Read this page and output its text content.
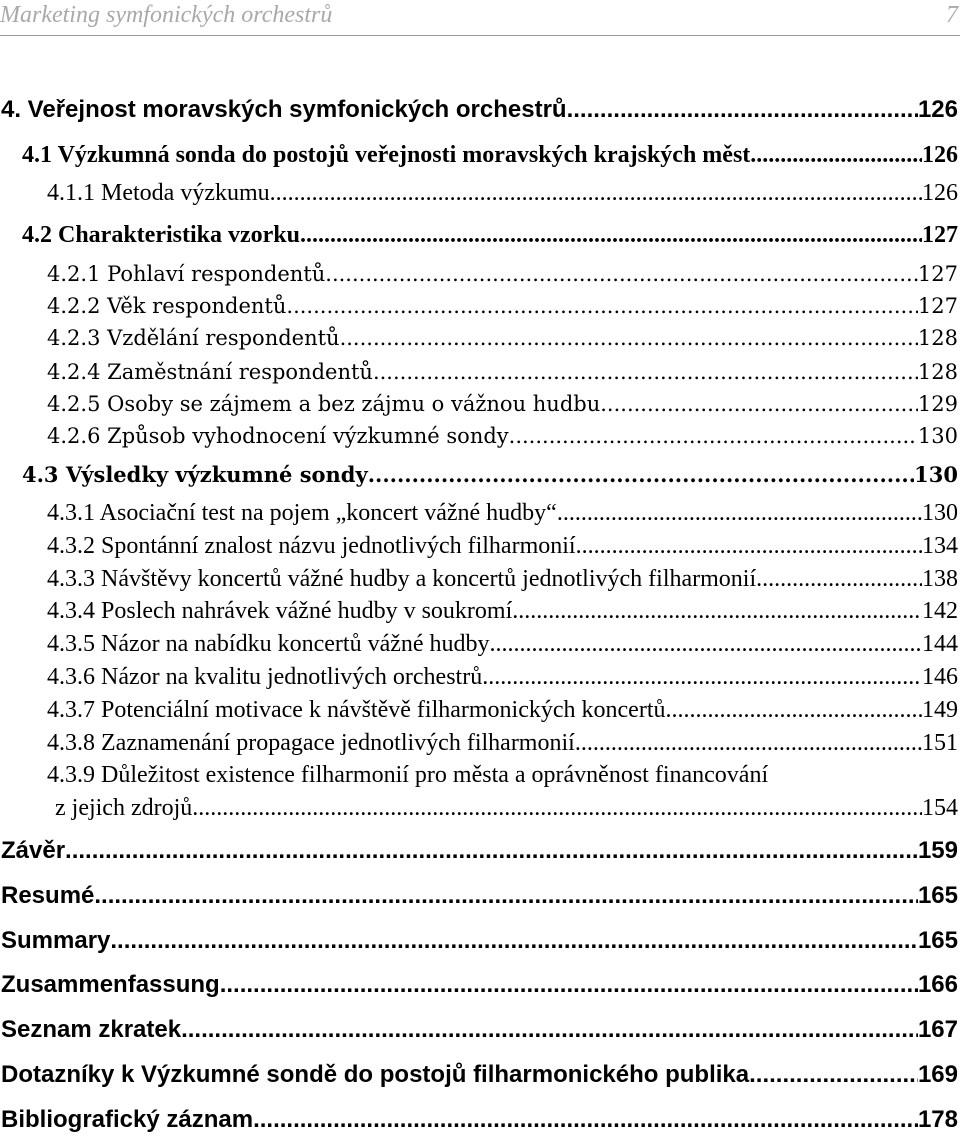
Marketing symfonických orchestrů	7
4. Veřejnost moravských symfonických orchestrů .....	126
4.1 Výzkumná sonda do postojů veřejnosti moravských krajských měst .....	126
4.1.1 Metoda výzkumu .....	126
4.2 Charakteristika vzorku .....	127
4.2.1 Pohlaví respondentů .....	127
4.2.2 Věk respondentů .....	127
4.2.3 Vzdělání respondentů .....	128
4.2.4 Zaměstnání respondentů .....	128
4.2.5 Osoby se zájmem a bez zájmu o vážnou hudbu .....	129
4.2.6 Způsob vyhodnocení výzkumné sondy .....	130
4.3 Výsledky výzkumné sondy .....	130
4.3.1 Asociační test na pojem „koncert vážné hudby“ .....	130
4.3.2 Spontánní znalost názvu jednotlivých filharmonií .....	134
4.3.3 Návštěvy koncertů vážné hudby a koncertů jednotlivých filharmonií .....	138
4.3.4 Poslech nahrávek vážné hudby v soukromí .....	142
4.3.5 Názor na nabídku koncertů vážné hudby .....	144
4.3.6 Názor na kvalitu jednotlivých orchestrů .....	146
4.3.7 Potenciální motivace k návštěvě filharmonických koncertů .....	149
4.3.8 Zaznamenání propagace jednotlivých filharmonií .....	151
4.3.9 Důležitost existence filharmonií pro města a oprávněnost financování
z jejich zdrojů .....	154
Závěr .....	159
Resumé .....	165
Summary .....	165
Zusammenfassung .....	166
Seznam zkratek .....	167
Dotazníky k Výzkumné sondě do postojů filharmonického publika .....	169
Bibliografický záznam .....	178
